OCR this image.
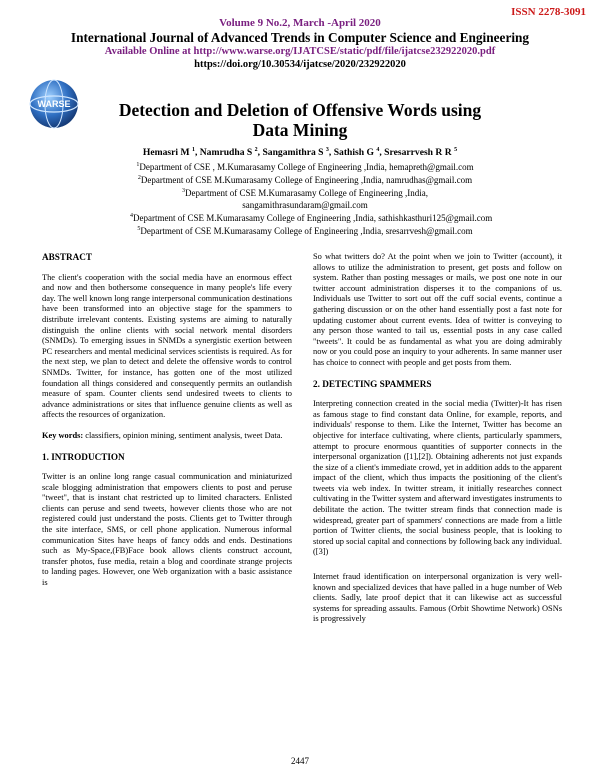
ISSN 2278-3091
Volume 9 No.2, March -April 2020
International Journal of Advanced Trends in Computer Science and Engineering
Available Online at http://www.warse.org/IJATCSE/static/pdf/file/ijatcse232922020.pdf
https://doi.org/10.30534/ijatcse/2020/232922020
WARSE	Detection and Deletion of Offensive Words using
Data Mining
Hemasri M $^1$, Namrudha S $^2$, Sangamithra S $^3$, Sathish G $^4$, Sresarrvesh R R $^5$
$^1$Department of CSE , M.Kumarasamy College of Engineering ,India, hemapreth@gmail.com
$^2$Department of CSE M.Kumarasamy College of Engineering ,India, namrudhas@gmail.com
$^3$Department of CSE M.Kumarasamy College of Engineering ,India,
sangamithrasundaram@gmail.com
$^4$Department of CSE M.Kumarasamy College of Engineering ,India, sathishkasthuri125@gmail.com
$^5$Department of CSE M.Kumarasamy College of Engineering ,India, sresarrvesh@gmail.com
ABSTRACT

The client's cooperation with the social media have an enormous effect and now and then bothersome consequence in many people's life every day. The well known long range interpersonal communication destinations have been transformed into an objective stage for the spammers to distribute irrelevant contents. Existing systems are aiming to naturally distinguish the online clients with social network mental disorders (SNMDs). To emerging issues in SNMDs a synergistic exertion between PC researchers and mental medicinal services scientists is required. As for the next step, we plan to detect and delete the offensive words to control SNMDs. Twitter, for instance, has gotten one of the most utilized foundation all things considered and consequently permits an outlandish measure of spam. Counter clients send undesired tweets to clients to advance administrations or sites that influence genuine clients as well as affects the resources of organization.

Key words: classifiers, opinion mining, sentiment analysis, tweet Data.

1. INTRODUCTION

Twitter is an online long range casual communication and miniaturized scale blogging administration that empowers clients to post and peruse "tweet", that is instant chat restricted up to limited characters. Enlisted clients can peruse and send tweets, however clients those who are not registered could just understand the posts. Clients get to Twitter through the site interface, SMS, or cell phone application. Numerous informal communication Sites have heaps of fancy odds and ends. Destinations such as My-Space,(FB)Face book allows clients construct account, transfer photos, fuse media, retain a blog and coordinate strange projects to landing pages. However, one Web organization with a basic assistance is

So what twitters do? At the point when we join to Twitter (account), it allows to utilize the administration to present, get posts and follow on system. Rather than posting messages or mails, we post one note in our twitter account administration disperses it to the companions of us. Individuals use Twitter to sort out off the cuff social events, continue a gathering discussion or on the other hand essentially post a fast note for updating customer about current events. Idea of twitter is conveying to any person those wanted to tail us, essential posts in any case called "tweets". It could be as fundamental as what you are doing admirably now or you could pose an inquiry to your adherents. In same manner user has choice to connect with people and get posts from them.

2. DETECTING SPAMMERS

Interpreting connection created in the social media (Twitter)-It has risen as famous stage to find constant data Online, for example, reports, and individuals' response to them. Like the Internet, Twitter has become an objective for interface cultivating, where clients, particularly spammers, attempt to procure enormous quantities of supporter connects in the interpersonal organization ([1],[2]). Obtaining adherents not just expands the size of a client's immediate crowd, yet in addition adds to the apparent impact of the client, which thus impacts the positioning of the client's tweets via web index. In twitter stream, it initially researches connect cultivating in the Twitter system and afterward investigates instruments to debilitate the action. The twitter stream finds that connection made is widespread, greater part of spammers' connections are made from a little portion of Twitter clients, the social business people, that is looking to stored up social capital and connections by following back any individual. ([3])

Internet fraud identification on interpersonal organization is very well-known and specialized devices that have palled in a huge number of Web clients. Sadly, late proof depict that it can likewise act as successful systems for spreading assaults. Famous (Orbit Showtime Network) OSNs is progressively

2447
